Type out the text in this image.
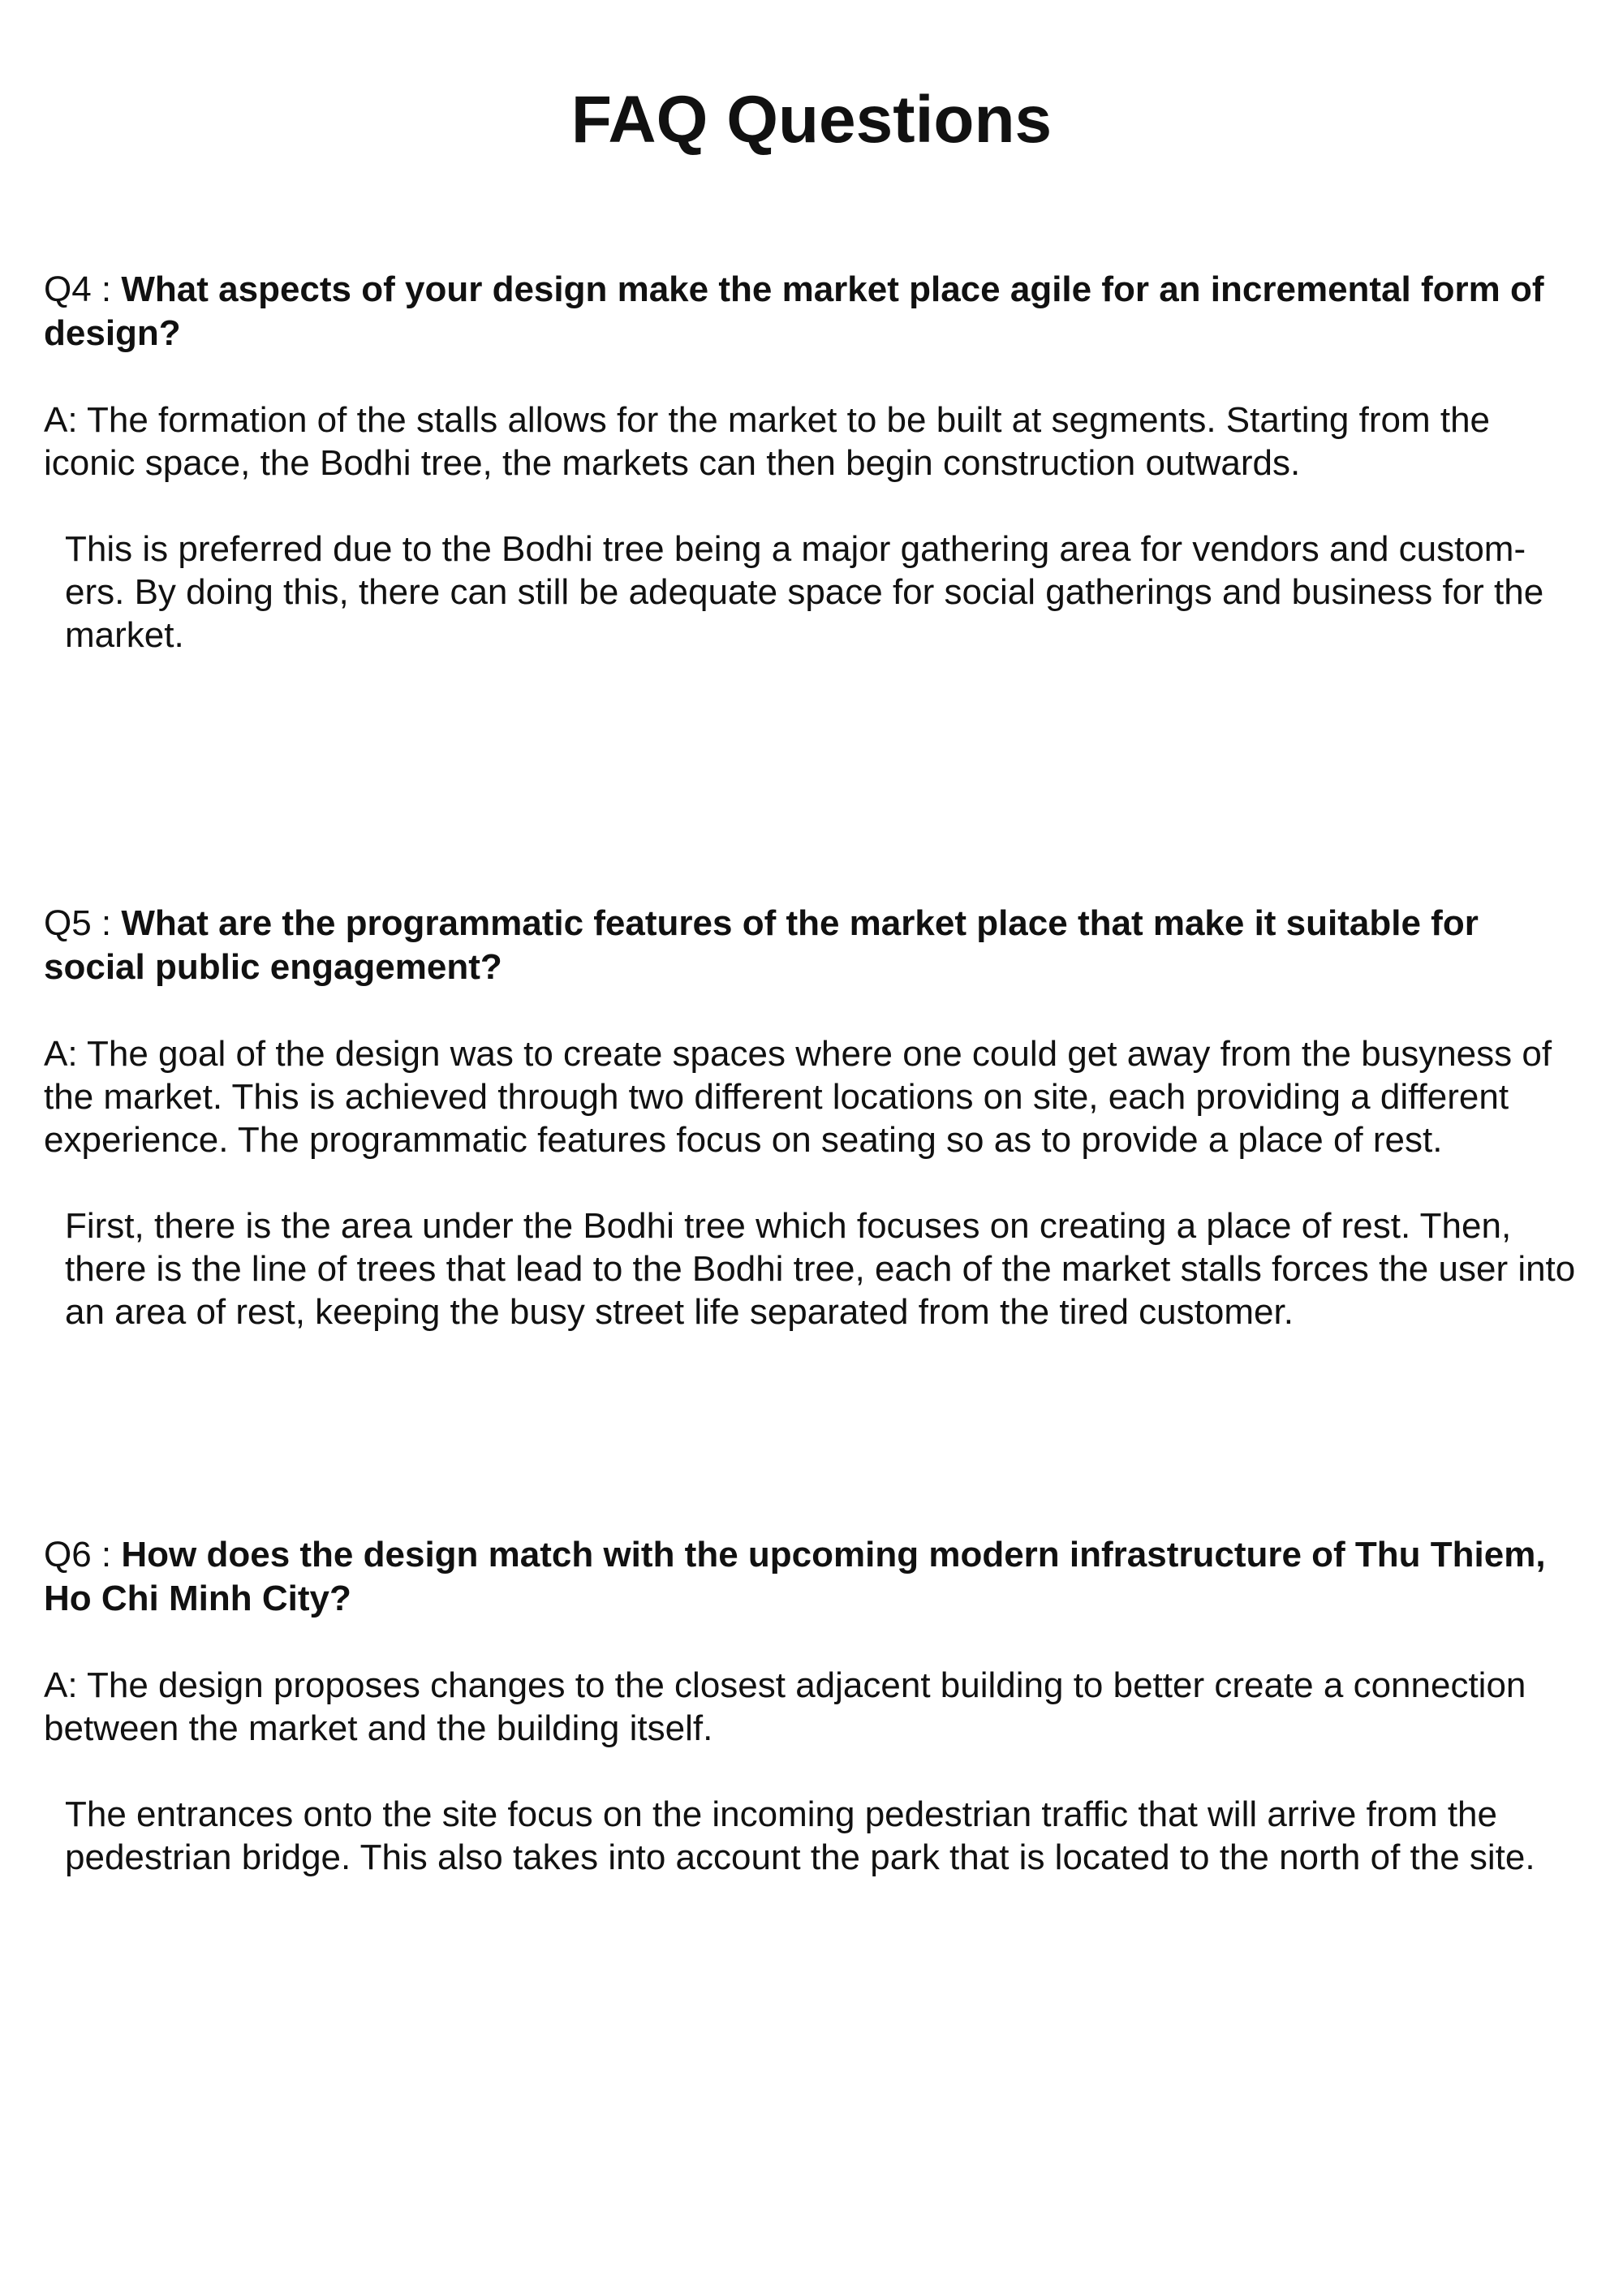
FAQ Questions

Q4 : What aspects of your design make the market place agile for an incremental form of design?

A: The formation of the stalls allows for the market to be built at segments. Starting from the iconic space, the Bodhi tree, the markets can then begin construction outwards.

This is preferred due to the Bodhi tree being a major gathering area for vendors and custom- ers. By doing this, there can still be adequate space for social gatherings and business for the market.

Q5 : What are the programmatic features of the market place that make it suitable for social public engagement?

A: The goal of the design was to create spaces where one could get away from the busyness of the market. This is achieved through two different locations on site, each providing a different experience. The programmatic features focus on seating so as to provide a place of rest.

First, there is the area under the Bodhi tree which focuses on creating a place of rest. Then, there is the line of trees that lead to the Bodhi tree, each of the market stalls forces the user into an area of rest, keeping the busy street life separated from the tired customer.

Q6 : How does the design match with the upcoming modern infrastructure of Thu Thiem, Ho Chi Minh City?

A: The design proposes changes to the closest adjacent building to better create a connection between the market and the building itself.

The entrances onto the site focus on the incoming pedestrian traffic that will arrive from the pedestrian bridge. This also takes into account the park that is located to the north of the site.
